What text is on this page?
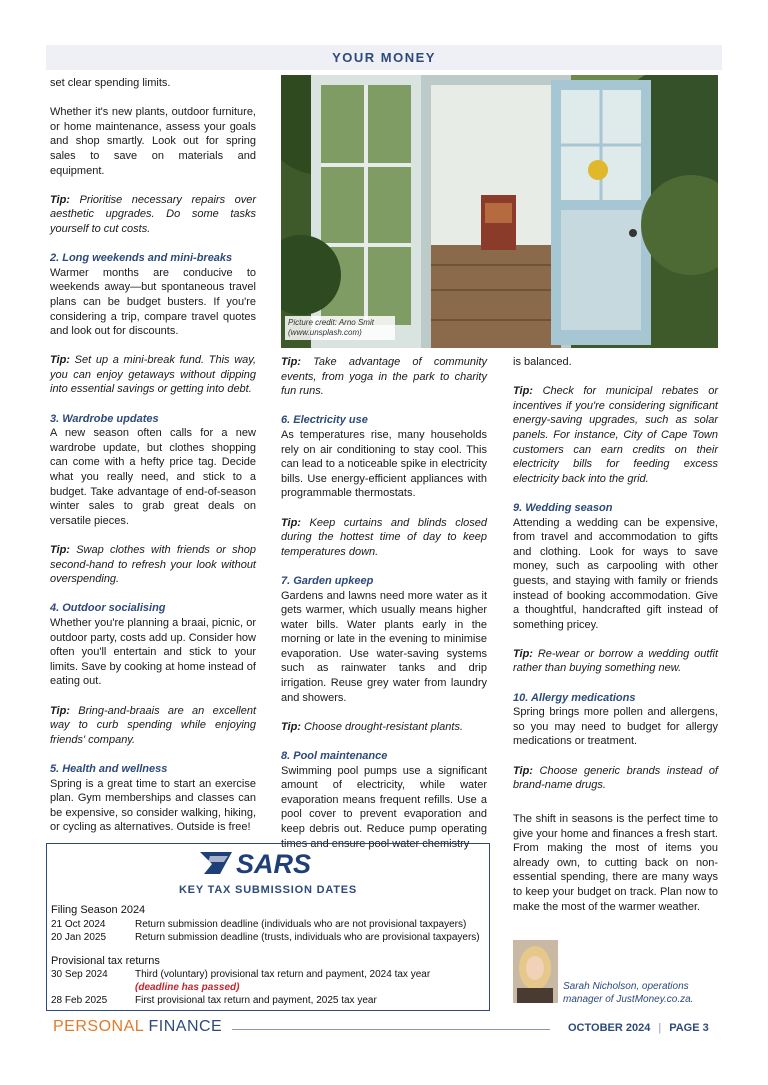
YOUR MONEY

set clear spending limits.

Whether it's new plants, outdoor furniture, or home maintenance, assess your goals and shop smartly. Look out for spring sales to save on materials and equipment.

Tip: Prioritise necessary repairs over aesthetic upgrades. Do some tasks yourself to cut costs.

2. Long weekends and mini-breaks

Warmer months are conducive to weekends away—but spontaneous travel plans can be budget busters. If you're considering a trip, compare travel quotes and look out for discounts.

Tip: Set up a mini-break fund. This way, you can enjoy getaways without dipping into essential savings or getting into debt.

3. Wardrobe updates

A new season often calls for a new wardrobe update, but clothes shopping can come with a hefty price tag. Decide what you really need, and stick to a budget. Take advantage of end-of-season winter sales to grab great deals on versatile pieces.

Tip: Swap clothes with friends or shop second-hand to refresh your look without overspending.

4. Outdoor socialising

Whether you're planning a braai, picnic, or outdoor party, costs add up. Consider how often you'll entertain and stick to your limits. Save by cooking at home instead of eating out.

Tip: Bring-and-braais are an excellent way to curb spending while enjoying friends' company.

5. Health and wellness

Spring is a great time to start an exercise plan. Gym memberships and classes can be expensive, so consider walking, hiking, or cycling as alternatives. Outside is free!

Picture credit: Arno Smit
(www.unsplash.com)

Tip: Take advantage of community events, from yoga in the park to charity fun runs.

6. Electricity use

As temperatures rise, many households rely on air conditioning to stay cool. This can lead to a noticeable spike in electricity bills. Use energy-efficient appliances with programmable thermostats.

Tip: Keep curtains and blinds closed during the hottest time of day to keep temperatures down.

7. Garden upkeep

Gardens and lawns need more water as it gets warmer, which usually means higher water bills. Water plants early in the morning or late in the evening to minimise evaporation. Use water-saving systems such as rainwater tanks and drip irrigation. Reuse grey water from laundry and showers.

Tip: Choose drought-resistant plants.

8. Pool maintenance

Swimming pool pumps use a significant amount of electricity, while water evaporation means frequent refills. Use a pool cover to prevent evaporation and keep debris out. Reduce pump operating times and ensure pool water chemistry

is balanced.

Tip: Check for municipal rebates or incentives if you're considering significant energy-saving upgrades, such as solar panels. For instance, City of Cape Town customers can earn credits on their electricity bills for feeding excess electricity back into the grid.

9. Wedding season

Attending a wedding can be expensive, from travel and accommodation to gifts and clothing. Look for ways to save money, such as carpooling with other guests, and staying with family or friends instead of booking accommodation. Give a thoughtful, handcrafted gift instead of something pricey.

Tip: Re-wear or borrow a wedding outfit rather than buying something new.

10. Allergy medications

Spring brings more pollen and allergens, so you may need to budget for allergy medications or treatment.

Tip: Choose generic brands instead of brand-name drugs.

The shift in seasons is the perfect time to give your home and finances a fresh start. From making the most of items you already own, to cutting back on non-essential spending, there are many ways to keep your budget on track. Plan now to make the most of the warmer weather.
Sarah Nicholson, operations
manager of JustMoney.co.za.
SARS
KEY TAX SUBMISSION DATES
Filing Season 2024
21 Oct 2024	Return submission deadline (individuals who are not provisional taxpayers)
20 Jan 2025	Return submission deadline (trusts, individuals who are provisional taxpayers)
Provisional tax returns
30 Sep 2024	Third (voluntary) provisional tax return and payment, 2024 tax year
(deadline has passed)
28 Feb 2025	First provisional tax return and payment, 2025 tax year
PERSONAL FINANCE	OCTOBER 2024 | PAGE 3
